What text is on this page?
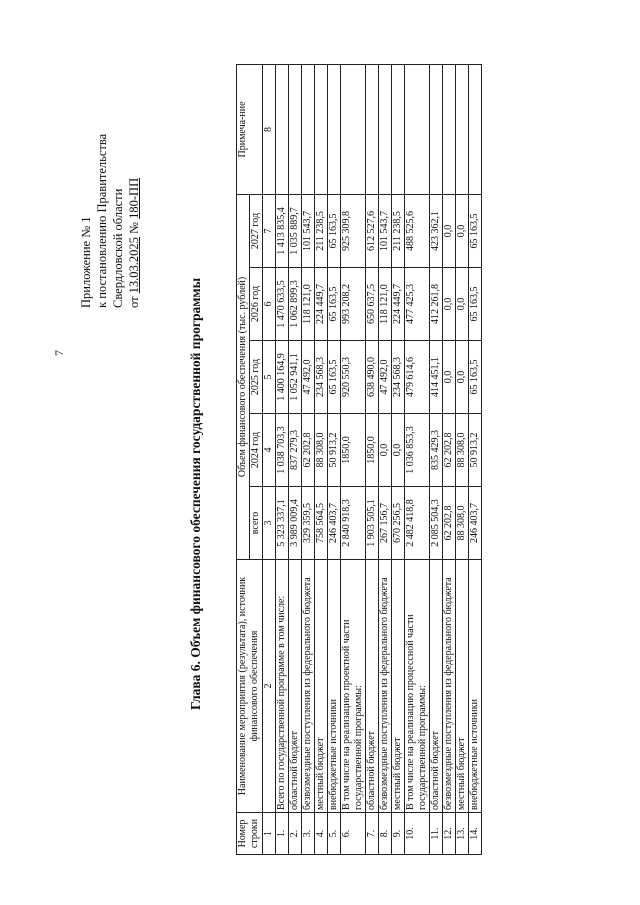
7
Приложение № 1 к постановлению Правительства Свердловской области от 13.03.2025 № 180-ПП
Глава 6. Объем финансового обеспечения государственной программы
Номер строки	Наименование мероприятия (результата), источник финансового обеспечения	Объем финансового обеспечения (тыс. рублей)					Примеча-ние
		всего	2024 год	2025 год	2026 год	2027 год	
1	2	3	4	5	6	7	8
1.	Всего по государственной программе в том числе:	5 323 337,1	1 038 703,3	1 400 164,9	1 470 633,5	1 413 835,4	
2.	областной бюджет	3 989 009,4	837 279,3	1 052 941,1	1 062 899,3	1 035 889,7	
3.	безвозмездные поступления из федерального бюджета	329 359,5	62 202,8	47 492,0	118 121,0	101 543,7	
4.	местный бюджет	758 564,5	88 308,0	234 568,3	224 449,7	211 238,5	
5.	внебюджетные источники	246 403,7	50 913,2	65 163,5	65 163,5	65 163,5	
6.	В том числе на реализацию проектной части государственной программы:	2 840 918,3	1850,0	920 550,3	993 208,2	925 309,8	
7.	областной бюджет	1 903 505,1	1850,0	638 490,0	650 637,5	612 527,6	
8.	безвозмездные поступления из федерального бюджета	267 156,7	0,0	47 492,0	118 121,0	101 543,7	
9.	местный бюджет	670 256,5	0,0	234 568,3	224 449,7	211 238,5	
10.	В том числе на реализацию процессной части государственной программы:	2 482 418,8	1 036 853,3	479 614,6	477 425,3	488 525,6	
11.	областной бюджет	2 085 504,3	835 429,3	414 451,1	412 261,8	423 362,1	
12.	безвозмездные поступления из федерального бюджета	62 202,8	62 202,8	0,0	0,0	0,0	
13.	местный бюджет	88 308,0	88 308,0	0,0	0,0	0,0	
14.	внебюджетные источники	246 403,7	50 913,2	65 163,5	65 163,5	65 163,5	
